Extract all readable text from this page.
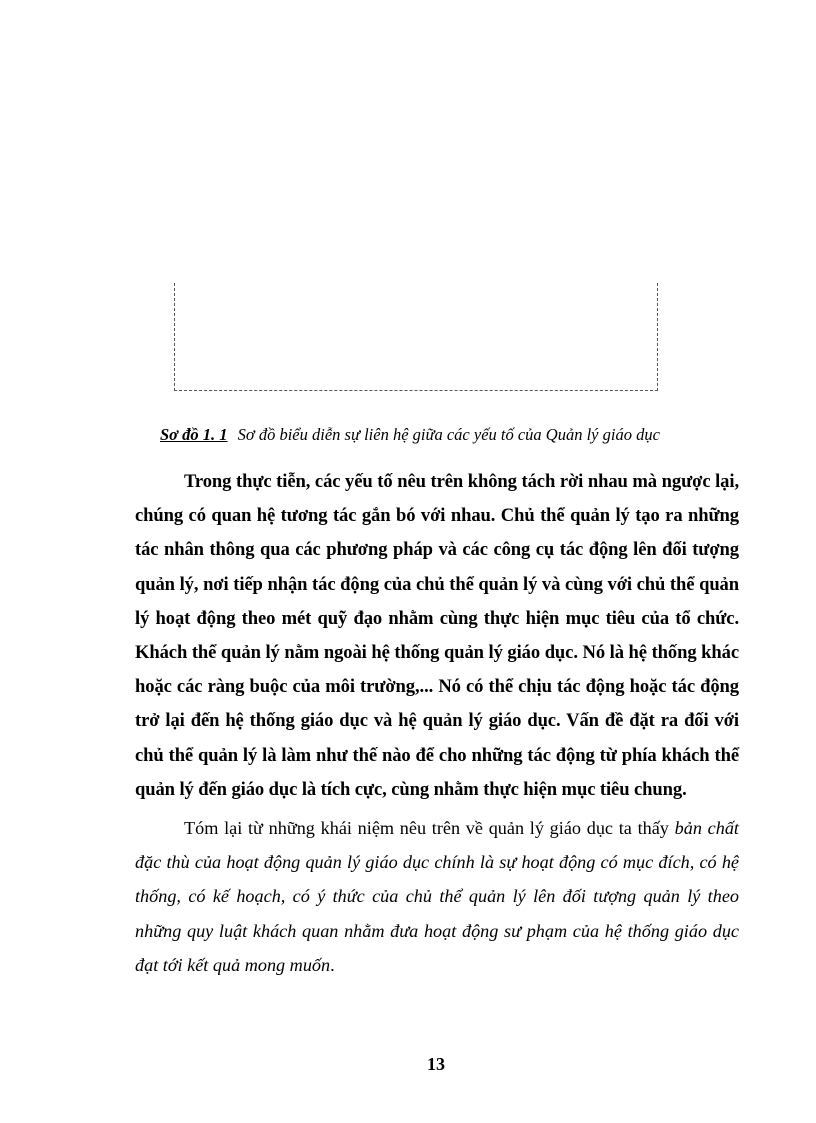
Sơ đồ 1. 1 Sơ đồ biểu diễn sự liên hệ giữa các yếu tố của Quản lý giáo dục

Trong thực tiễn, các yếu tố nêu trên không tách rời nhau mà ngược lại, chúng có quan hệ tương tác gắn bó với nhau. Chủ thể quản lý tạo ra những tác nhân thông qua các phương pháp và các công cụ tác động lên đối tượng quản lý, nơi tiếp nhận tác động của chủ thể quản lý và cùng với chủ thể quản lý hoạt động theo mét quỹ đạo nhằm cùng thực hiện mục tiêu của tổ chức. Khách thể quản lý nằm ngoài hệ thống quản lý giáo dục. Nó là hệ thống khác hoặc các ràng buộc của môi trường,... Nó có thể chịu tác động hoặc tác động trở lại đến hệ thống giáo dục và hệ quản lý giáo dục. Vấn đề đặt ra đối với chủ thể quản lý là làm như thế nào để cho những tác động từ phía khách thể quản lý đến giáo dục là tích cực, cùng nhằm thực hiện mục tiêu chung.

Tóm lại từ những khái niệm nêu trên về quản lý giáo dục ta thấy bản chất đặc thù của hoạt động quản lý giáo dục chính là sự hoạt động có mục đích, có hệ thống, có kế hoạch, có ý thức của chủ thể quản lý lên đối tượng quản lý theo những quy luật khách quan nhằm đưa hoạt động sư phạm của hệ thống giáo dục đạt tới kết quả mong muốn.

13
